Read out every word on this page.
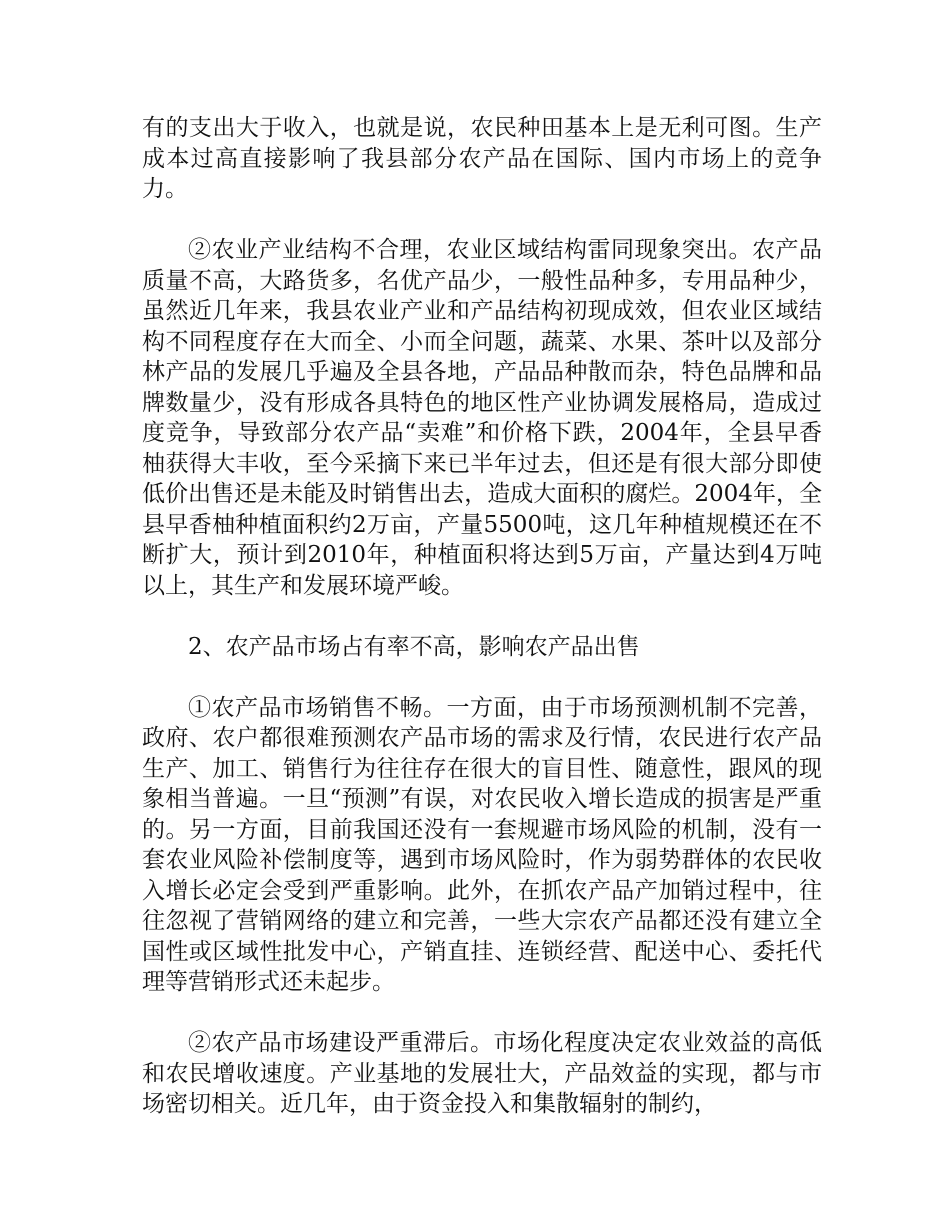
有的支出大于收入，也就是说，农民种田基本上是无利可图。生产成本过高直接影响了我县部分农产品在国际、国内市场上的竞争力。

②农业产业结构不合理，农业区域结构雷同现象突出。农产品质量不高，大路货多，名优产品少，一般性品种多，专用品种少，虽然近几年来，我县农业产业和产品结构初现成效，但农业区域结构不同程度存在大而全、小而全问题，蔬菜、水果、茶叶以及部分林产品的发展几乎遍及全县各地，产品品种散而杂，特色品牌和品牌数量少，没有形成各具特色的地区性产业协调发展格局，造成过度竞争，导致部分农产品“卖难”和价格下跌，2004年，全县早香柚获得大丰收，至今采摘下来已半年过去，但还是有很大部分即使低价出售还是未能及时销售出去，造成大面积的腐烂。2004年，全县早香柚种植面积约2万亩，产量5500吨，这几年种植规模还在不断扩大，预计到2010年，种植面积将达到5万亩，产量达到4万吨以上，其生产和发展环境严峻。

2、农产品市场占有率不高，影响农产品出售

①农产品市场销售不畅。一方面，由于市场预测机制不完善，政府、农户都很难预测农产品市场的需求及行情，农民进行农产品生产、加工、销售行为往往存在很大的盲目性、随意性，跟风的现象相当普遍。一旦“预测”有误，对农民收入增长造成的损害是严重的。另一方面，目前我国还没有一套规避市场风险的机制，没有一套农业风险补偿制度等，遇到市场风险时，作为弱势群体的农民收入增长必定会受到严重影响。此外，在抓农产品产加销过程中，往往忽视了营销网络的建立和完善，一些大宗农产品都还没有建立全国性或区域性批发中心，产销直挂、连锁经营、配送中心、委托代理等营销形式还未起步。

②农产品市场建设严重滞后。市场化程度决定农业效益的高低和农民增收速度。产业基地的发展壮大，产品效益的实现，都与市场密切相关。近几年，由于资金投入和集散辐射的制约，
